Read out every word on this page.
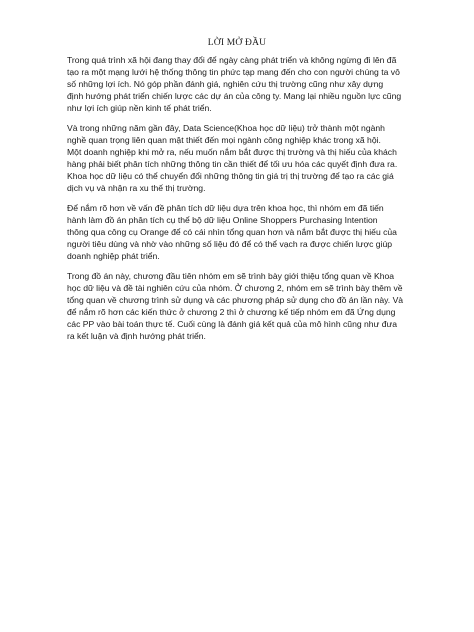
LỜI MỞ ĐẦU

Trong quá trình xã hội đang thay đổi để ngày càng phát triển và không ngừng đi lên đã
tạo ra một mạng lưới hệ thống thông tin phức tạp mang đến cho con người chúng ta vô
số những lợi ích. Nó góp phần đánh giá, nghiên cứu thị trường cũng như xây dựng
định hướng phát triển chiến lược các dự án của công ty. Mang lại nhiều nguồn lực cũng
như lợi ích giúp nền kinh tế phát triển.

Và trong những năm gần đây, Data Science(Khoa học dữ liệu) trở thành một ngành
nghề quan trọng liên quan mật thiết đến mọi ngành công nghiệp khác trong xã hội.
Một doanh nghiệp khi mở ra, nếu muốn nắm bắt được thị trường và thị hiếu của khách
hàng phải biết phân tích những thông tin cần thiết để tối ưu hóa các quyết định đưa ra.
Khoa học dữ liệu có thể chuyển đổi những thông tin giá trị thị trường để tạo ra các giá
dịch vụ và nhận ra xu thế thị trường.

Để nắm rõ hơn về vấn đề phân tích dữ liệu dựa trên khoa học, thì nhóm em đã tiến
hành làm đồ án phân tích cụ thể bộ dữ liệu Online Shoppers Purchasing Intention
thông qua công cụ Orange để có cái nhìn tổng quan hơn và nắm bắt được thị hiếu của
người tiêu dùng và nhờ vào những số liệu đó để có thể vạch ra được chiến lược giúp
doanh nghiệp phát triển.

Trong đồ án này, chương đầu tiên nhóm em sẽ trình bày giới thiệu tổng quan về Khoa
học dữ liệu và đề tài nghiên cứu của nhóm. Ở chương 2, nhóm em sẽ trình bày thêm về
tổng quan về chương trình sử dụng và các phương pháp sử dụng cho đồ án lần này. Và
để nắm rõ hơn các kiến thức ở chương 2 thì ở chương kế tiếp nhóm em đã Ứng dụng
các PP vào bài toán thực tế. Cuối cùng là đánh giá kết quả của mô hình cũng như đưa
ra kết luận và định hướng phát triển.
